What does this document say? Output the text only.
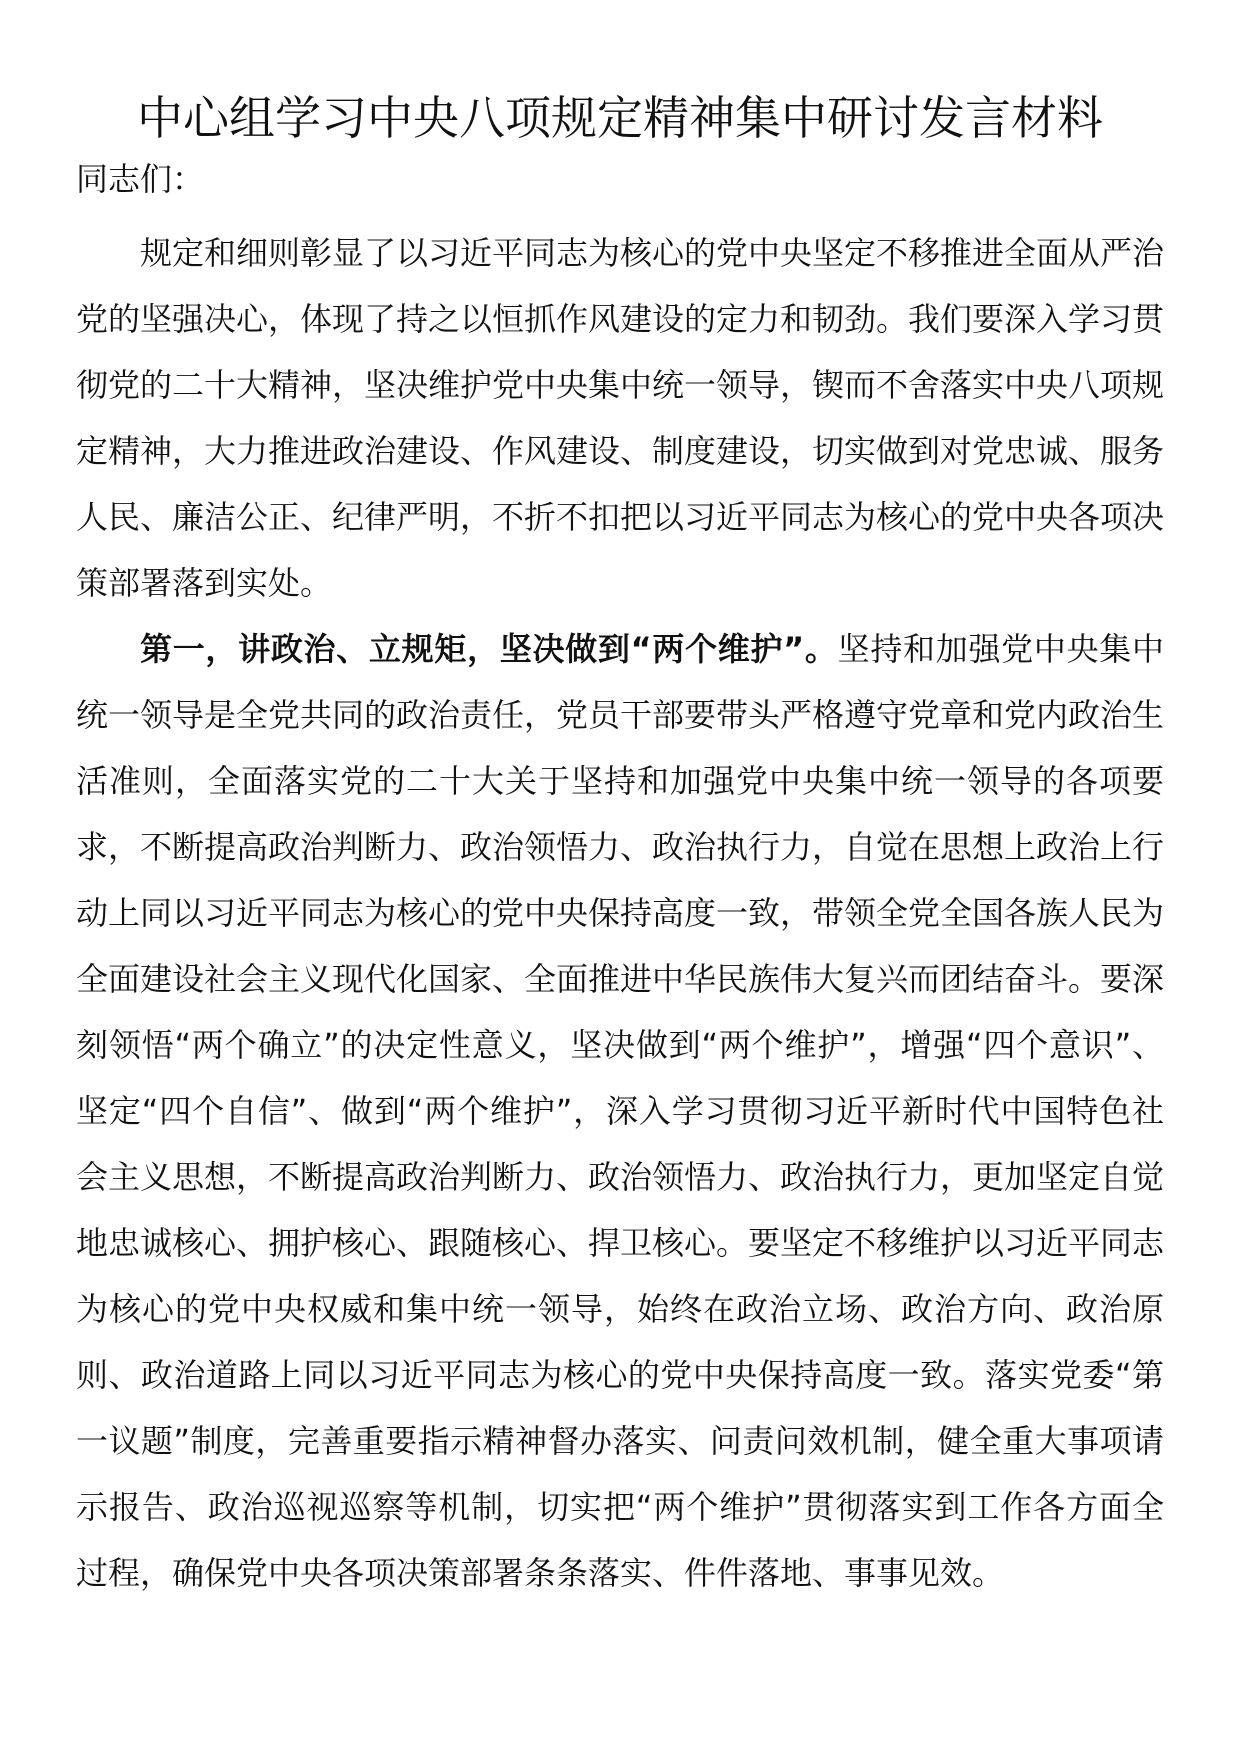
中心组学习中央八项规定精神集中研讨发言材料

同志们：

规定和细则彰显了以习近平同志为核心的党中央坚定不移推进全面从严治党的坚强决心，体现了持之以恒抓作风建设的定力和韧劲。我们要深入学习贯彻党的二十大精神，坚决维护党中央集中统一领导，锲而不舍落实中央八项规定精神，大力推进政治建设、作风建设、制度建设，切实做到对党忠诚、服务人民、廉洁公正、纪律严明，不折不扣把以习近平同志为核心的党中央各项决策部署落到实处。

第一，讲政治、立规矩，坚决做到“两个维护”。坚持和加强党中央集中统一领导是全党共同的政治责任，党员干部要带头严格遵守党章和党内政治生活准则，全面落实党的二十大关于坚持和加强党中央集中统一领导的各项要求，不断提高政治判断力、政治领悟力、政治执行力，自觉在思想上政治上行动上同以习近平同志为核心的党中央保持高度一致，带领全党全国各族人民为全面建设社会主义现代化国家、全面推进中华民族伟大复兴而团结奋斗。要深刻领悟“两个确立”的决定性意义，坚决做到“两个维护”，增强“四个意识”、坚定“四个自信”、做到“两个维护”，深入学习贯彻习近平新时代中国特色社会主义思想，不断提高政治判断力、政治领悟力、政治执行力，更加坚定自觉地忠诚核心、拥护核心、跟随核心、捍卫核心。要坚定不移维护以习近平同志为核心的党中央权威和集中统一领导，始终在政治立场、政治方向、政治原则、政治道路上同以习近平同志为核心的党中央保持高度一致。落实党委“第一议题”制度，完善重要指示精神督办落实、问责问效机制，健全重大事项请示报告、政治巡视巡察等机制，切实把“两个维护”贯彻落实到工作各方面全过程，确保党中央各项决策部署条条落实、件件落地、事事见效。
